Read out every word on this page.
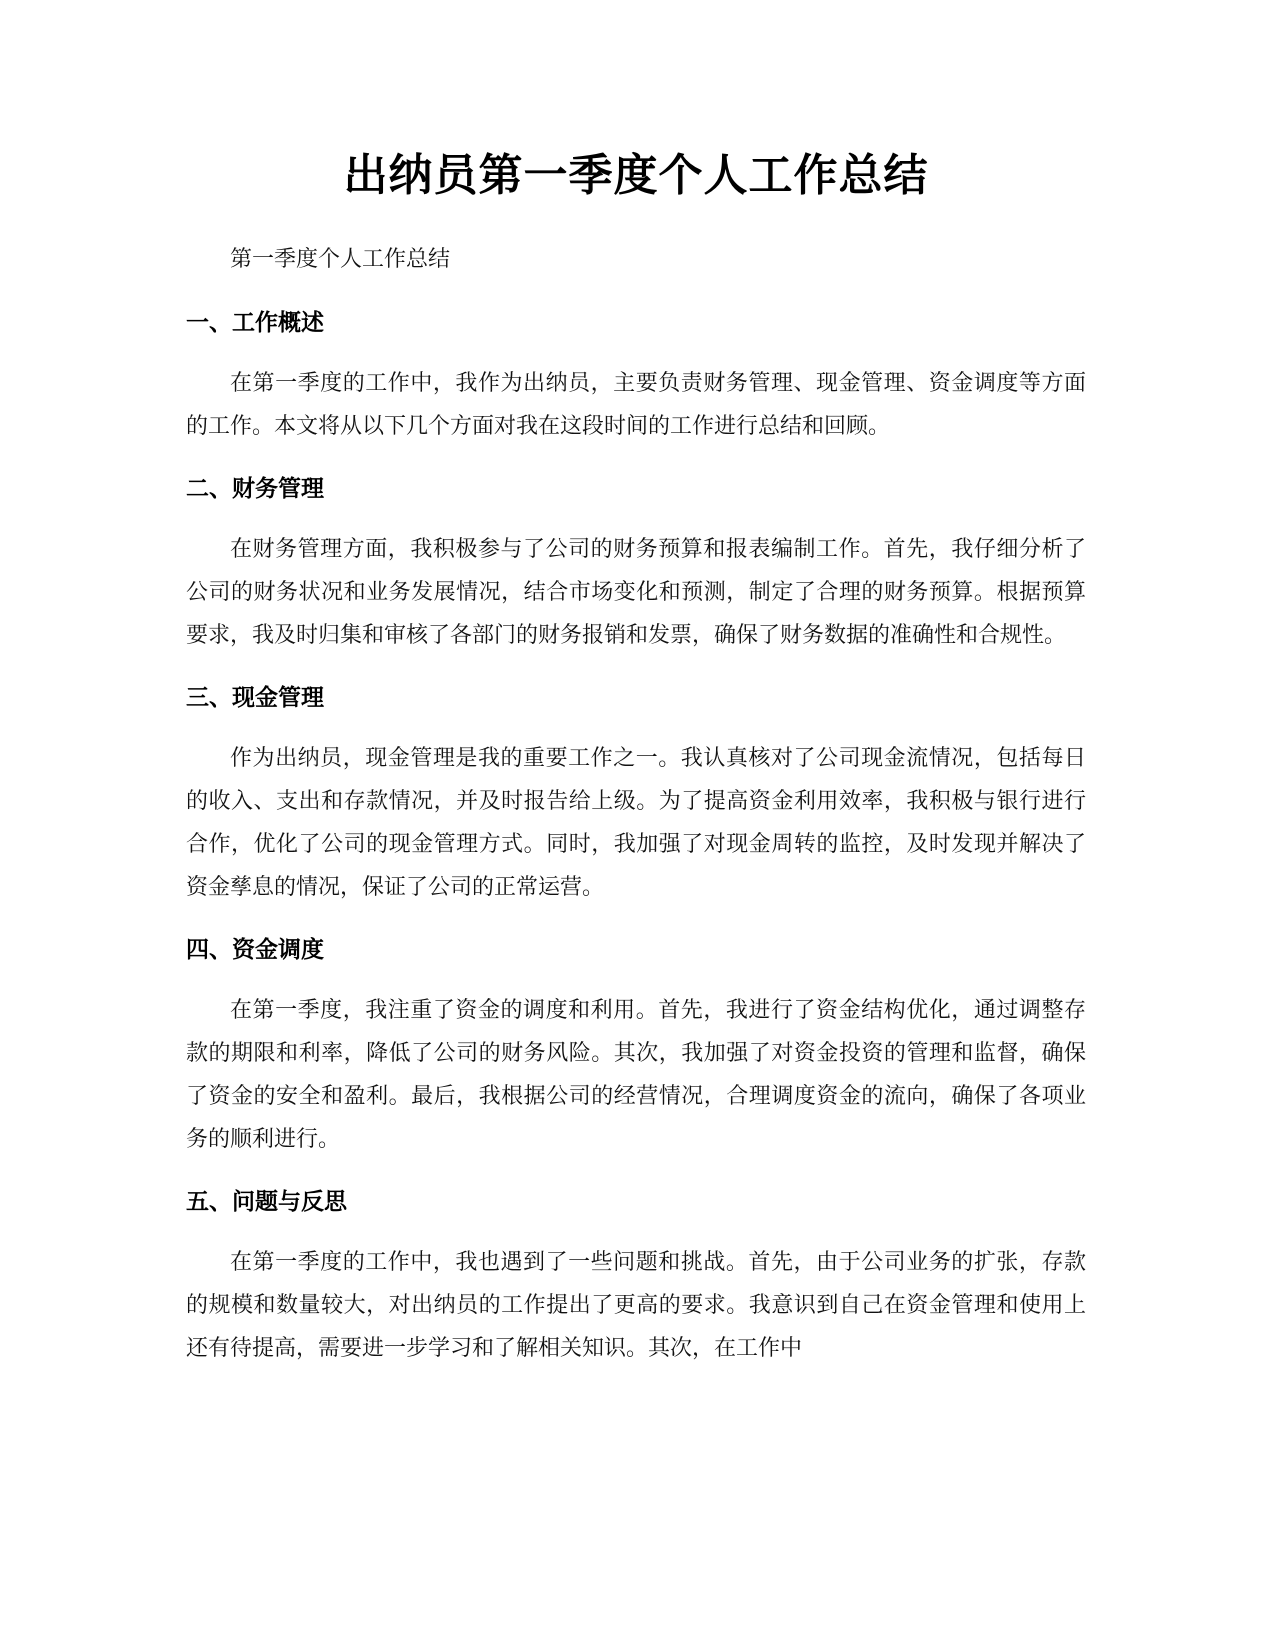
出纳员第一季度个人工作总结

第一季度个人工作总结

一、工作概述

在第一季度的工作中，我作为出纳员，主要负责财务管理、现金管理、资金调度等方面的工作。本文将从以下几个方面对我在这段时间的工作进行总结和回顾。

二、财务管理

在财务管理方面，我积极参与了公司的财务预算和报表编制工作。首先，我仔细分析了公司的财务状况和业务发展情况，结合市场变化和预测，制定了合理的财务预算。根据预算要求，我及时归集和审核了各部门的财务报销和发票，确保了财务数据的准确性和合规性。

三、现金管理

作为出纳员，现金管理是我的重要工作之一。我认真核对了公司现金流情况，包括每日的收入、支出和存款情况，并及时报告给上级。为了提高资金利用效率，我积极与银行进行合作，优化了公司的现金管理方式。同时，我加强了对现金周转的监控，及时发现并解决了资金孳息的情况，保证了公司的正常运营。

四、资金调度

在第一季度，我注重了资金的调度和利用。首先，我进行了资金结构优化，通过调整存款的期限和利率，降低了公司的财务风险。其次，我加强了对资金投资的管理和监督，确保了资金的安全和盈利。最后，我根据公司的经营情况，合理调度资金的流向，确保了各项业务的顺利进行。

五、问题与反思

在第一季度的工作中，我也遇到了一些问题和挑战。首先，由于公司业务的扩张，存款的规模和数量较大，对出纳员的工作提出了更高的要求。我意识到自己在资金管理和使用上还有待提高，需要进一步学习和了解相关知识。其次，在工作中
